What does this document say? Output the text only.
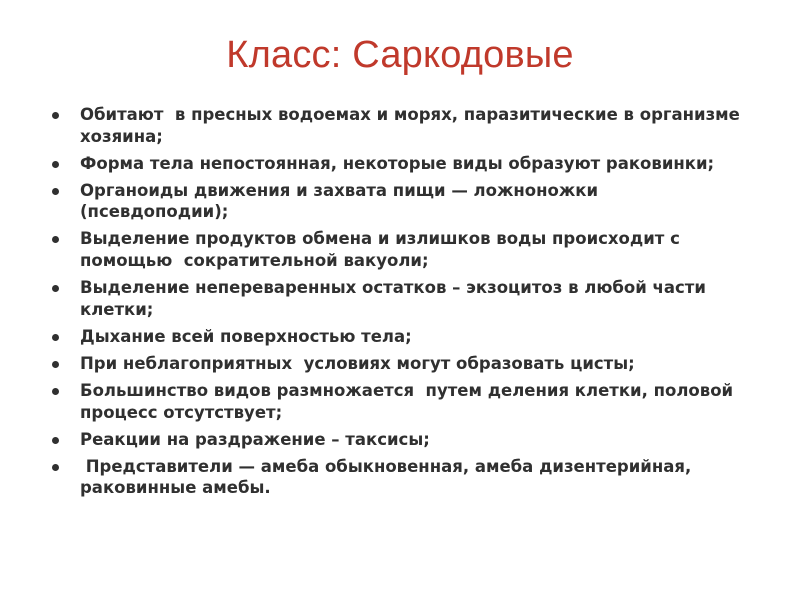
Класс: Саркодовые
Обитают  в пресных водоемах и морях, паразитические в организме хозяина;
Форма тела непостоянная, некоторые виды образуют раковинки;
Органоиды движения и захвата пищи — ложноножки (псевдоподии);
Выделение продуктов обмена и излишков воды происходит с помощью  сократительной вакуоли;
Выделение непереваренных остатков – экзоцитоз в любой части клетки;
Дыхание всей поверхностью тела;
При неблагоприятных  условиях могут образовать цисты;
Большинство видов размножается  путем деления клетки, половой процесс отсутствует;
Реакции на раздражение – таксисы;
Представители — амеба обыкновенная, амеба дизентерийная, раковинные амебы.
